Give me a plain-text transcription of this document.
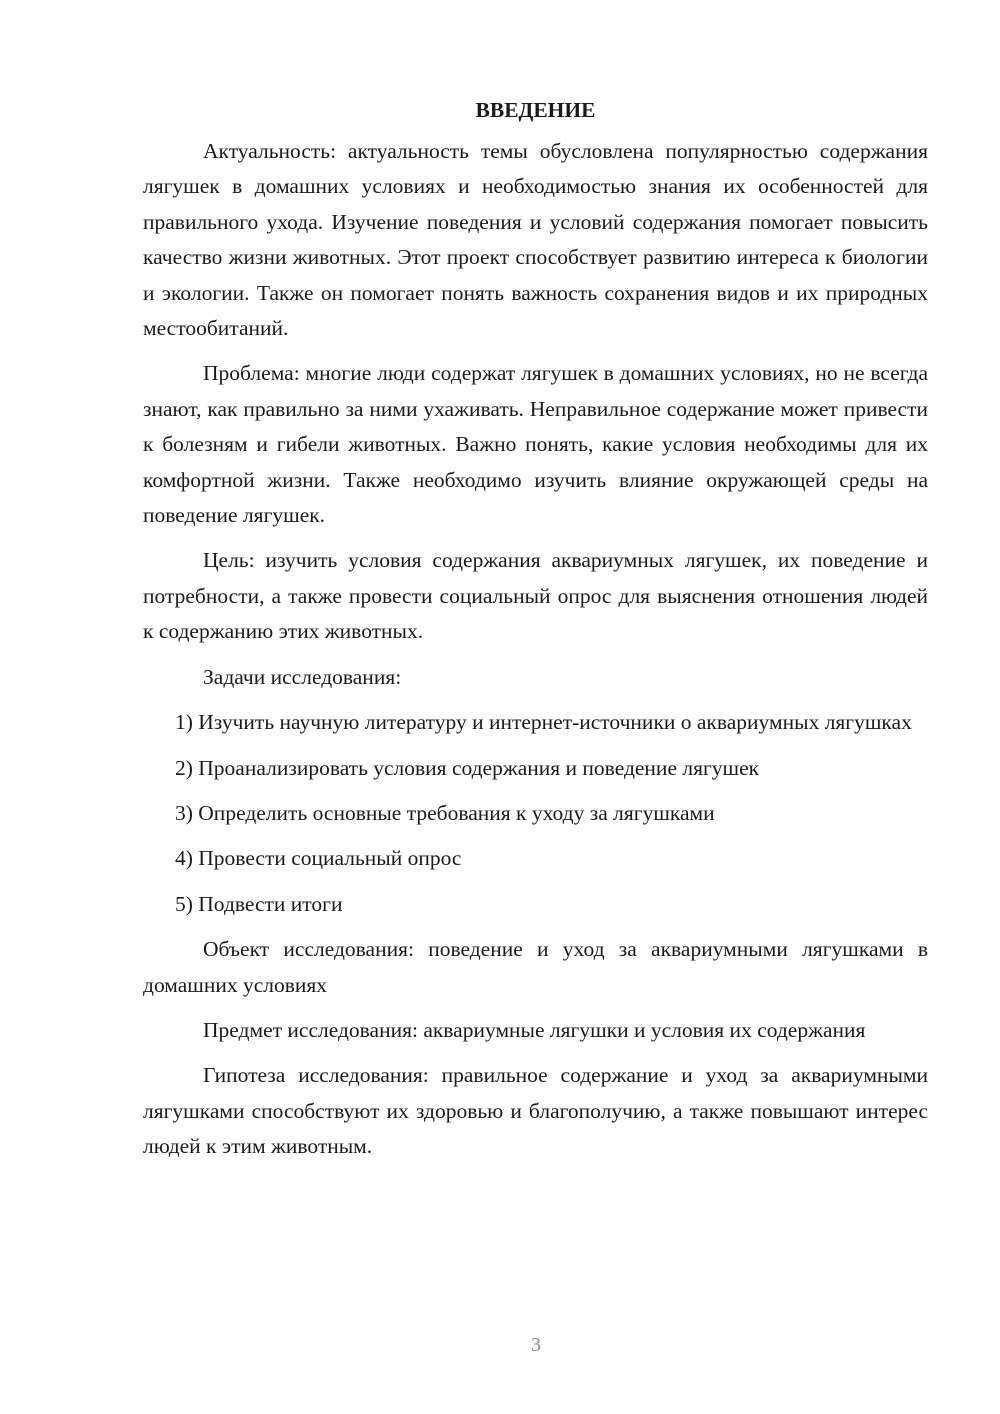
ВВЕДЕНИЕ

Актуальность: актуальность темы обусловлена популярностью содержания лягушек в домашних условиях и необходимостью знания их особенностей для правильного ухода. Изучение поведения и условий содержания помогает повысить качество жизни животных. Этот проект способствует развитию интереса к биологии и экологии. Также он помогает понять важность сохранения видов и их природных местообитаний.

Проблема: многие люди содержат лягушек в домашних условиях, но не всегда знают, как правильно за ними ухаживать. Неправильное содержание может привести к болезням и гибели животных. Важно понять, какие условия необходимы для их комфортной жизни. Также необходимо изучить влияние окружающей среды на поведение лягушек.

Цель: изучить условия содержания аквариумных лягушек, их поведение и потребности, а также провести социальный опрос для выяснения отношения людей к содержанию этих животных.

Задачи исследования:

1) Изучить научную литературу и интернет-источники о аквариумных лягушках

2) Проанализировать условия содержания и поведение лягушек

3) Определить основные требования к уходу за лягушками

4) Провести социальный опрос

5) Подвести итоги

Объект исследования: поведение и уход за аквариумными лягушками в домашних условиях

Предмет исследования: аквариумные лягушки и условия их содержания

Гипотеза исследования: правильное содержание и уход за аквариумными лягушками способствуют их здоровью и благополучию, а также повышают интерес людей к этим животным.

3
